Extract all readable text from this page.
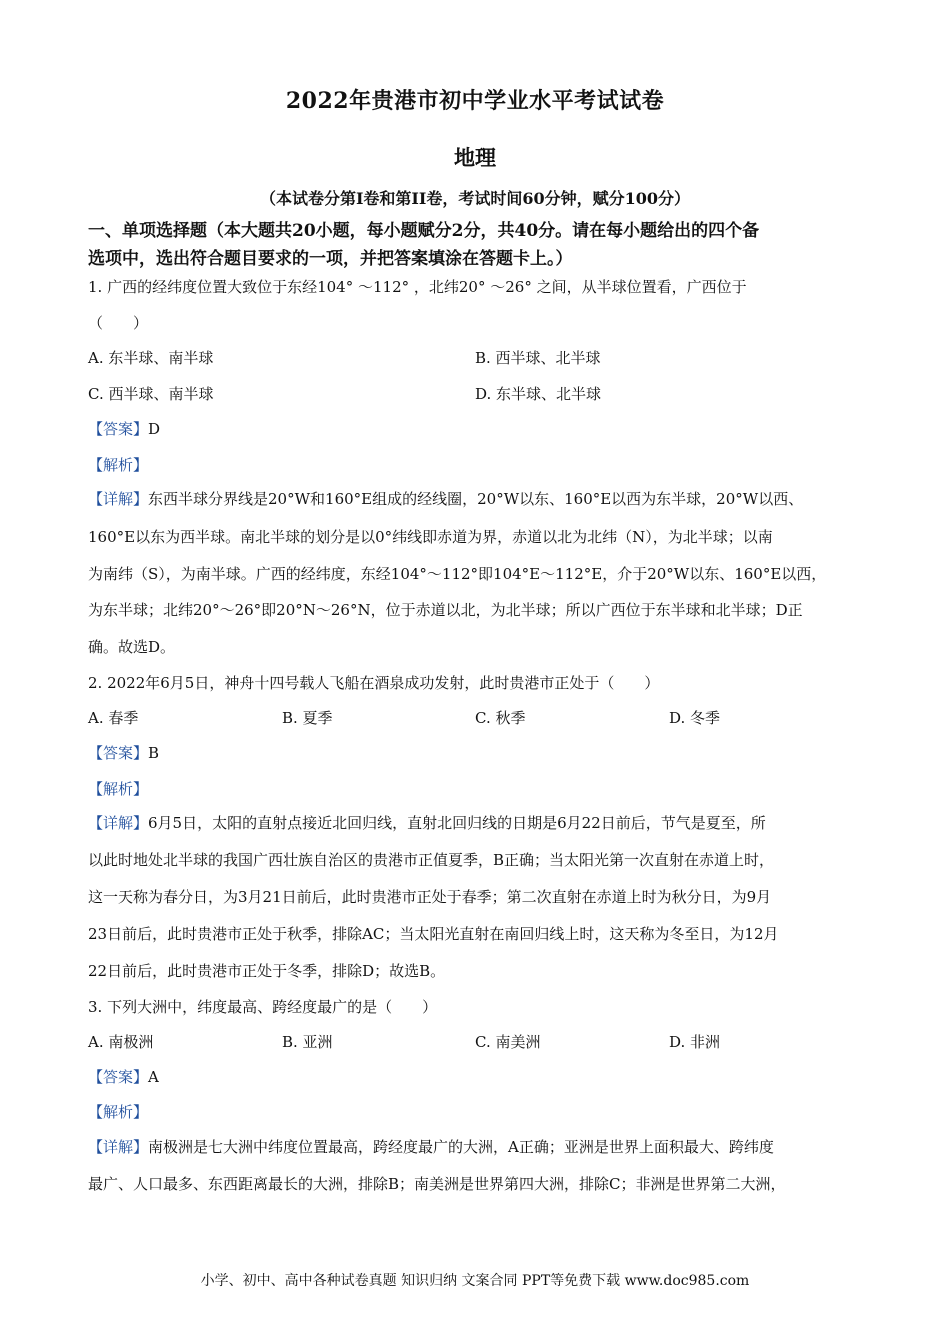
2022年贵港市初中学业水平考试试卷
地理
（本试卷分第I卷和第II卷，考试时间60分钟，赋分100分）
一、单项选择题（本大题共20小题，每小题赋分2分，共40分。请在每小题给出的四个备
选项中，选出符合题目要求的一项，并把答案填涂在答题卡上。）
1. 广西的经纬度位置大致位于东经104° ～112° ，北纬20° ～26° 之间，从半球位置看，广西位于
（　　）
A. 东半球、南半球	B. 西半球、北半球
C. 西半球、南半球	D. 东半球、北半球
【答案】D
【解析】
【详解】东西半球分界线是20°W和160°E组成的经线圈，20°W以东、160°E以西为东半球，20°W以西、
160°E以东为西半球。南北半球的划分是以0°纬线即赤道为界，赤道以北为北纬（N），为北半球；以南
为南纬（S），为南半球。广西的经纬度，东经104°～112°即104°E～112°E，介于20°W以东、160°E以西，
为东半球；北纬20°～26°即20°N～26°N，位于赤道以北，为北半球；所以广西位于东半球和北半球；D正
确。故选D。
2. 2022年6月5日，神舟十四号载人飞船在酒泉成功发射，此时贵港市正处于（　　）
A. 春季	B. 夏季	C. 秋季	D. 冬季
【答案】B
【解析】
【详解】6月5日，太阳的直射点接近北回归线，直射北回归线的日期是6月22日前后，节气是夏至，所
以此时地处北半球的我国广西壮族自治区的贵港市正值夏季，B正确；当太阳光第一次直射在赤道上时，
这一天称为春分日，为3月21日前后，此时贵港市正处于春季；第二次直射在赤道上时为秋分日，为9月
23日前后，此时贵港市正处于秋季，排除AC；当太阳光直射在南回归线上时，这天称为冬至日，为12月
22日前后，此时贵港市正处于冬季，排除D；故选B。
3. 下列大洲中，纬度最高、跨经度最广的是（　　）
A. 南极洲	B. 亚洲	C. 南美洲	D. 非洲
【答案】A
【解析】
【详解】南极洲是七大洲中纬度位置最高，跨经度最广的大洲，A正确；亚洲是世界上面积最大、跨纬度
最广、人口最多、东西距离最长的大洲，排除B；南美洲是世界第四大洲，排除C；非洲是世界第二大洲，
小学、初中、高中各种试卷真题 知识归纳 文案合同 PPT等免费下载 www.doc985.com
